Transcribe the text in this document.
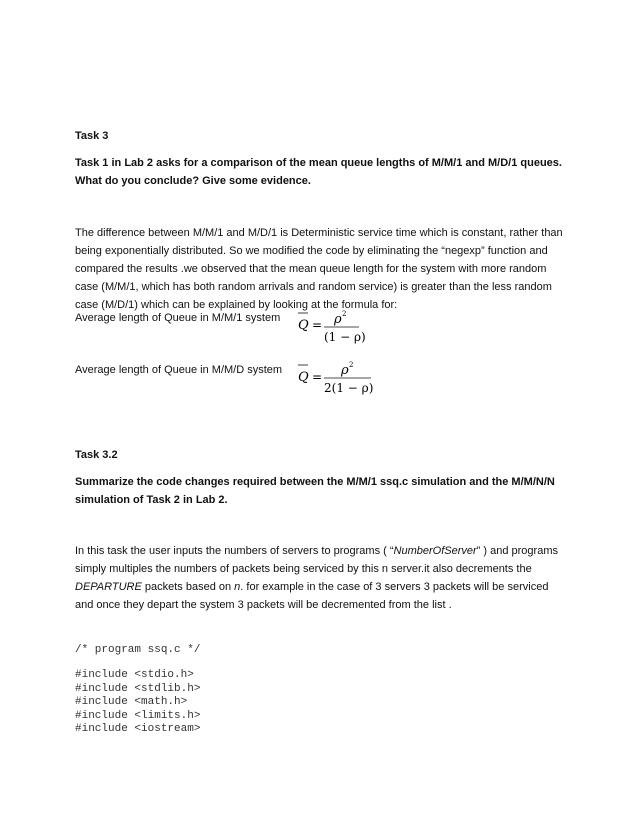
Task 3
Task 1 in Lab 2 asks for a comparison of the mean queue lengths of M/M/1 and M/D/1 queues. What do you conclude? Give some evidence.
The difference between M/M/1 and M/D/1 is Deterministic service time which is constant, rather than being exponentially distributed. So we modified the code by eliminating the “negexp” function and compared the results .we observed that the mean queue length for the system with more random case (M/M/1, which has both random arrivals and random service) is greater than the less random case (M/D/1) which can be explained by looking at the formula for:
Average length of Queue in M/M/1 system Q = ρ 2
(1 − ρ)
Average length of Queue in M/M/D system Q = ρ 2
2(1 − ρ)
Task 3.2
Summarize the code changes required between the M/M/1 ssq.c simulation and the M/M/N/N simulation of Task 2 in Lab 2.
In this task the user inputs the numbers of servers to programs ( “NumberOfServer” ) and programs simply multiples the numbers of packets being serviced by this n server.it also decrements the DEPARTURE packets based on n. for example in the case of 3 servers 3 packets will be serviced and once they depart the system 3 packets will be decremented from the list .
/* program ssq.c */
#include <stdio.h>
#include <stdlib.h>
#include <math.h>
#include <limits.h>
#include <iostream>
